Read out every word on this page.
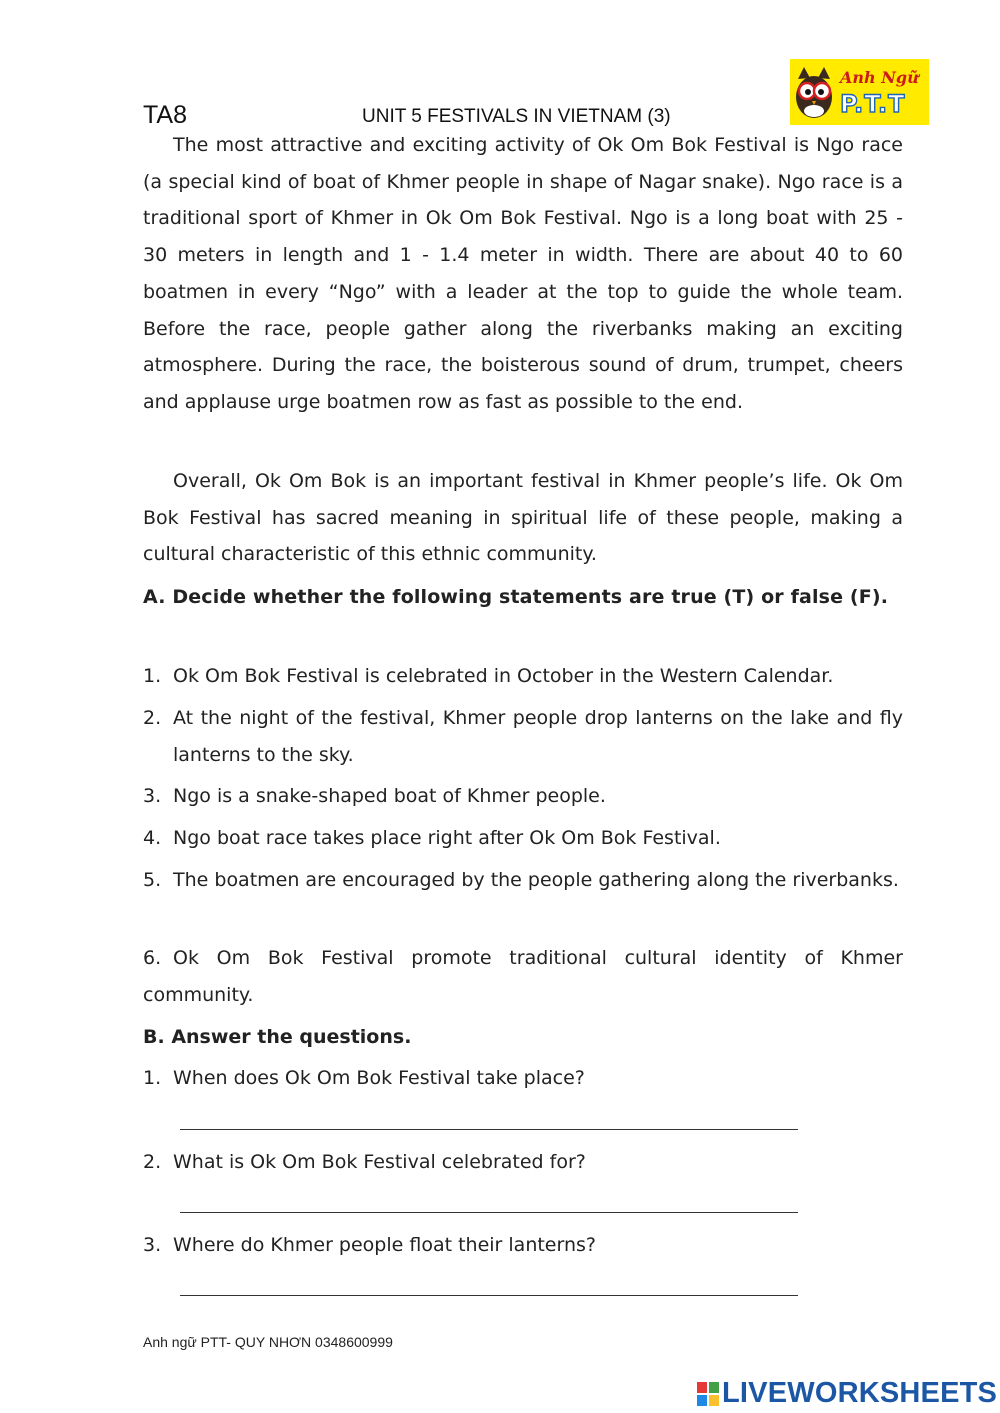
TA8	UNIT 5 FESTIVALS IN VIETNAM (3)
Anh Ngữ
P.T.T

The most attractive and exciting activity of Ok Om Bok Festival is Ngo race (a special kind of boat of Khmer people in shape of Nagar snake). Ngo race is a traditional sport of Khmer in Ok Om Bok Festival. Ngo is a long boat with 25 - 30 meters in length and 1 - 1.4 meter in width. There are about 40 to 60 boatmen in every “Ngo” with a leader at the top to guide the whole team. Before the race, people gather along the riverbanks making an exciting atmosphere. During the race, the boisterous sound of drum, trumpet, cheers and applause urge boatmen row as fast as possible to the end.

Overall, Ok Om Bok is an important festival in Khmer people’s life. Ok Om Bok Festival has sacred meaning in spiritual life of these people, making a cultural characteristic of this ethnic community.

A. Decide whether the following statements are true (T) or false (F).

1. Ok Om Bok Festival is celebrated in October in the Western Calendar.
2. At the night of the festival, Khmer people drop lanterns on the lake and fly lanterns to the sky.
3. Ngo is a snake-shaped boat of Khmer people.
4. Ngo boat race takes place right after Ok Om Bok Festival.

5. The boatmen are encouraged by the people gathering along the riverbanks.

6. Ok Om Bok Festival promote traditional cultural identity of Khmer community.

B. Answer the questions.

1. When does Ok Om Bok Festival take place?
2. What is Ok Om Bok Festival celebrated for?
3. Where do Khmer people float their lanterns?
Anh ngữ PTT- QUY NHƠN 0348600999
LIVEWORKSHEETS
